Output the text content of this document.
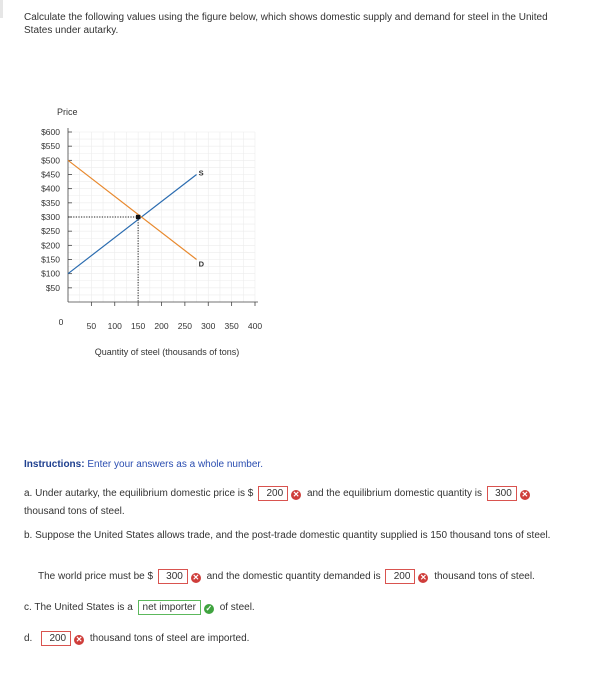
Calculate the following values using the figure below, which shows domestic supply and demand for steel in the United States under autarky.
Price
$50
$100
$150
$200
$250
$300
$350
$400
$450
$500
$550
$600
50 100 150 200 250 300 350 400
0
S
D
Quantity of steel (thousands of tons)
Instructions: Enter your answers as a whole number.
a. Under autarky, the equilibrium domestic price is $ 200 ✕ and the equilibrium domestic quantity is 300 ✕
thousand tons of steel.
b. Suppose the United States allows trade, and the post-trade domestic quantity supplied is 150 thousand tons of steel.
The world price must be $ 300 ✕ and the domestic quantity demanded is 200 ✕ thousand tons of steel.
c. The United States is a net importer ✓ of steel.
d. 200 ✕ thousand tons of steel are imported.
